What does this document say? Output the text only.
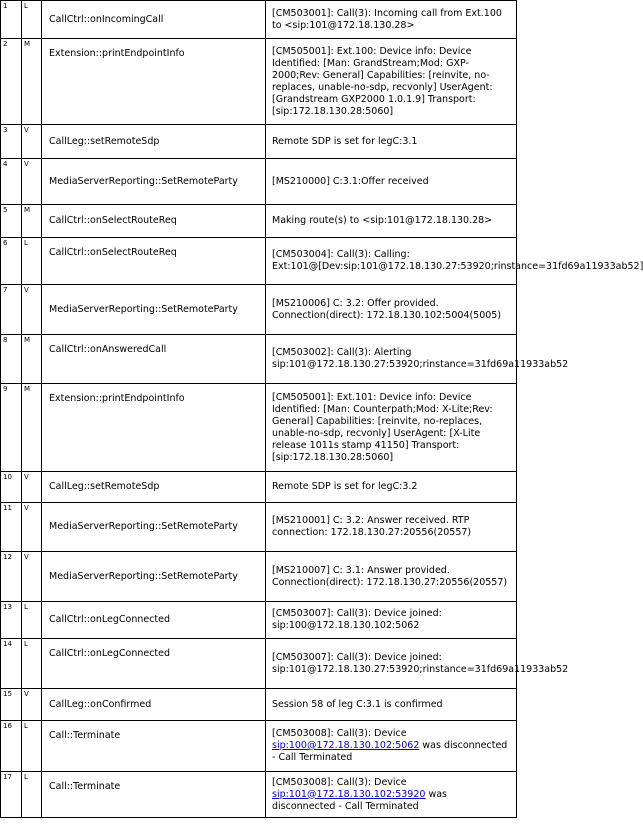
1	L	CallCtrl::onIncomingCall	[CM503001]: Call(3): Incoming call from Ext.100 to <sip:101@172.18.130.28>
2	M	Extension::printEndpointInfo	[CM505001]: Ext.100: Device info: Device Identified: [Man: GrandStream;Mod: GXP-2000;Rev: General] Capabilities: [reinvite, no-replaces, unable-no-sdp, recvonly] UserAgent: [Grandstream GXP2000 1.0.1.9] Transport: [sip:172.18.130.28:5060]
3	V	CallLeg::setRemoteSdp	Remote SDP is set for legC:3.1
4	V	MediaServerReporting::SetRemoteParty	[MS210000] C:3.1:Offer received
5	M	CallCtrl::onSelectRouteReq	Making route(s) to <sip:101@172.18.130.28>
6	L	CallCtrl::onSelectRouteReq	[CM503004]: Call(3): Calling: Ext:101@[Dev:sip:101@172.18.130.27:53920;rinstance=31fd69a11933ab52]
7	V	MediaServerReporting::SetRemoteParty	[MS210006] C: 3.2: Offer provided. Connection(direct): 172.18.130.102:5004(5005)
8	M	CallCtrl::onAnsweredCall	[CM503002]: Call(3): Alerting sip:101@172.18.130.27:53920;rinstance=31fd69a11933ab52
9	M	Extension::printEndpointInfo	[CM505001]: Ext.101: Device info: Device Identified: [Man: Counterpath;Mod: X-Lite;Rev: General] Capabilities: [reinvite, no-replaces, unable-no-sdp, recvonly] UserAgent: [X-Lite release 1011s stamp 41150] Transport: [sip:172.18.130.28:5060]
10	V	CallLeg::setRemoteSdp	Remote SDP is set for legC:3.2
11	V	MediaServerReporting::SetRemoteParty	[MS210001] C: 3.2: Answer received. RTP connection: 172.18.130.27:20556(20557)
12	V	MediaServerReporting::SetRemoteParty	[MS210007] C: 3.1: Answer provided. Connection(direct): 172.18.130.27:20556(20557)
13	L	CallCtrl::onLegConnected	[CM503007]: Call(3): Device joined: sip:100@172.18.130.102:5062
14	L	CallCtrl::onLegConnected	[CM503007]: Call(3): Device joined: sip:101@172.18.130.27:53920;rinstance=31fd69a11933ab52
15	V	CallLeg::onConfirmed	Session 58 of leg C:3.1 is confirmed
16	L	Call::Terminate	[CM503008]: Call(3): Device sip:100@172.18.130.102:5062 was disconnected - Call Terminated
17	L	Call::Terminate	[CM503008]: Call(3): Device sip:101@172.18.130.102:53920 was disconnected - Call Terminated
